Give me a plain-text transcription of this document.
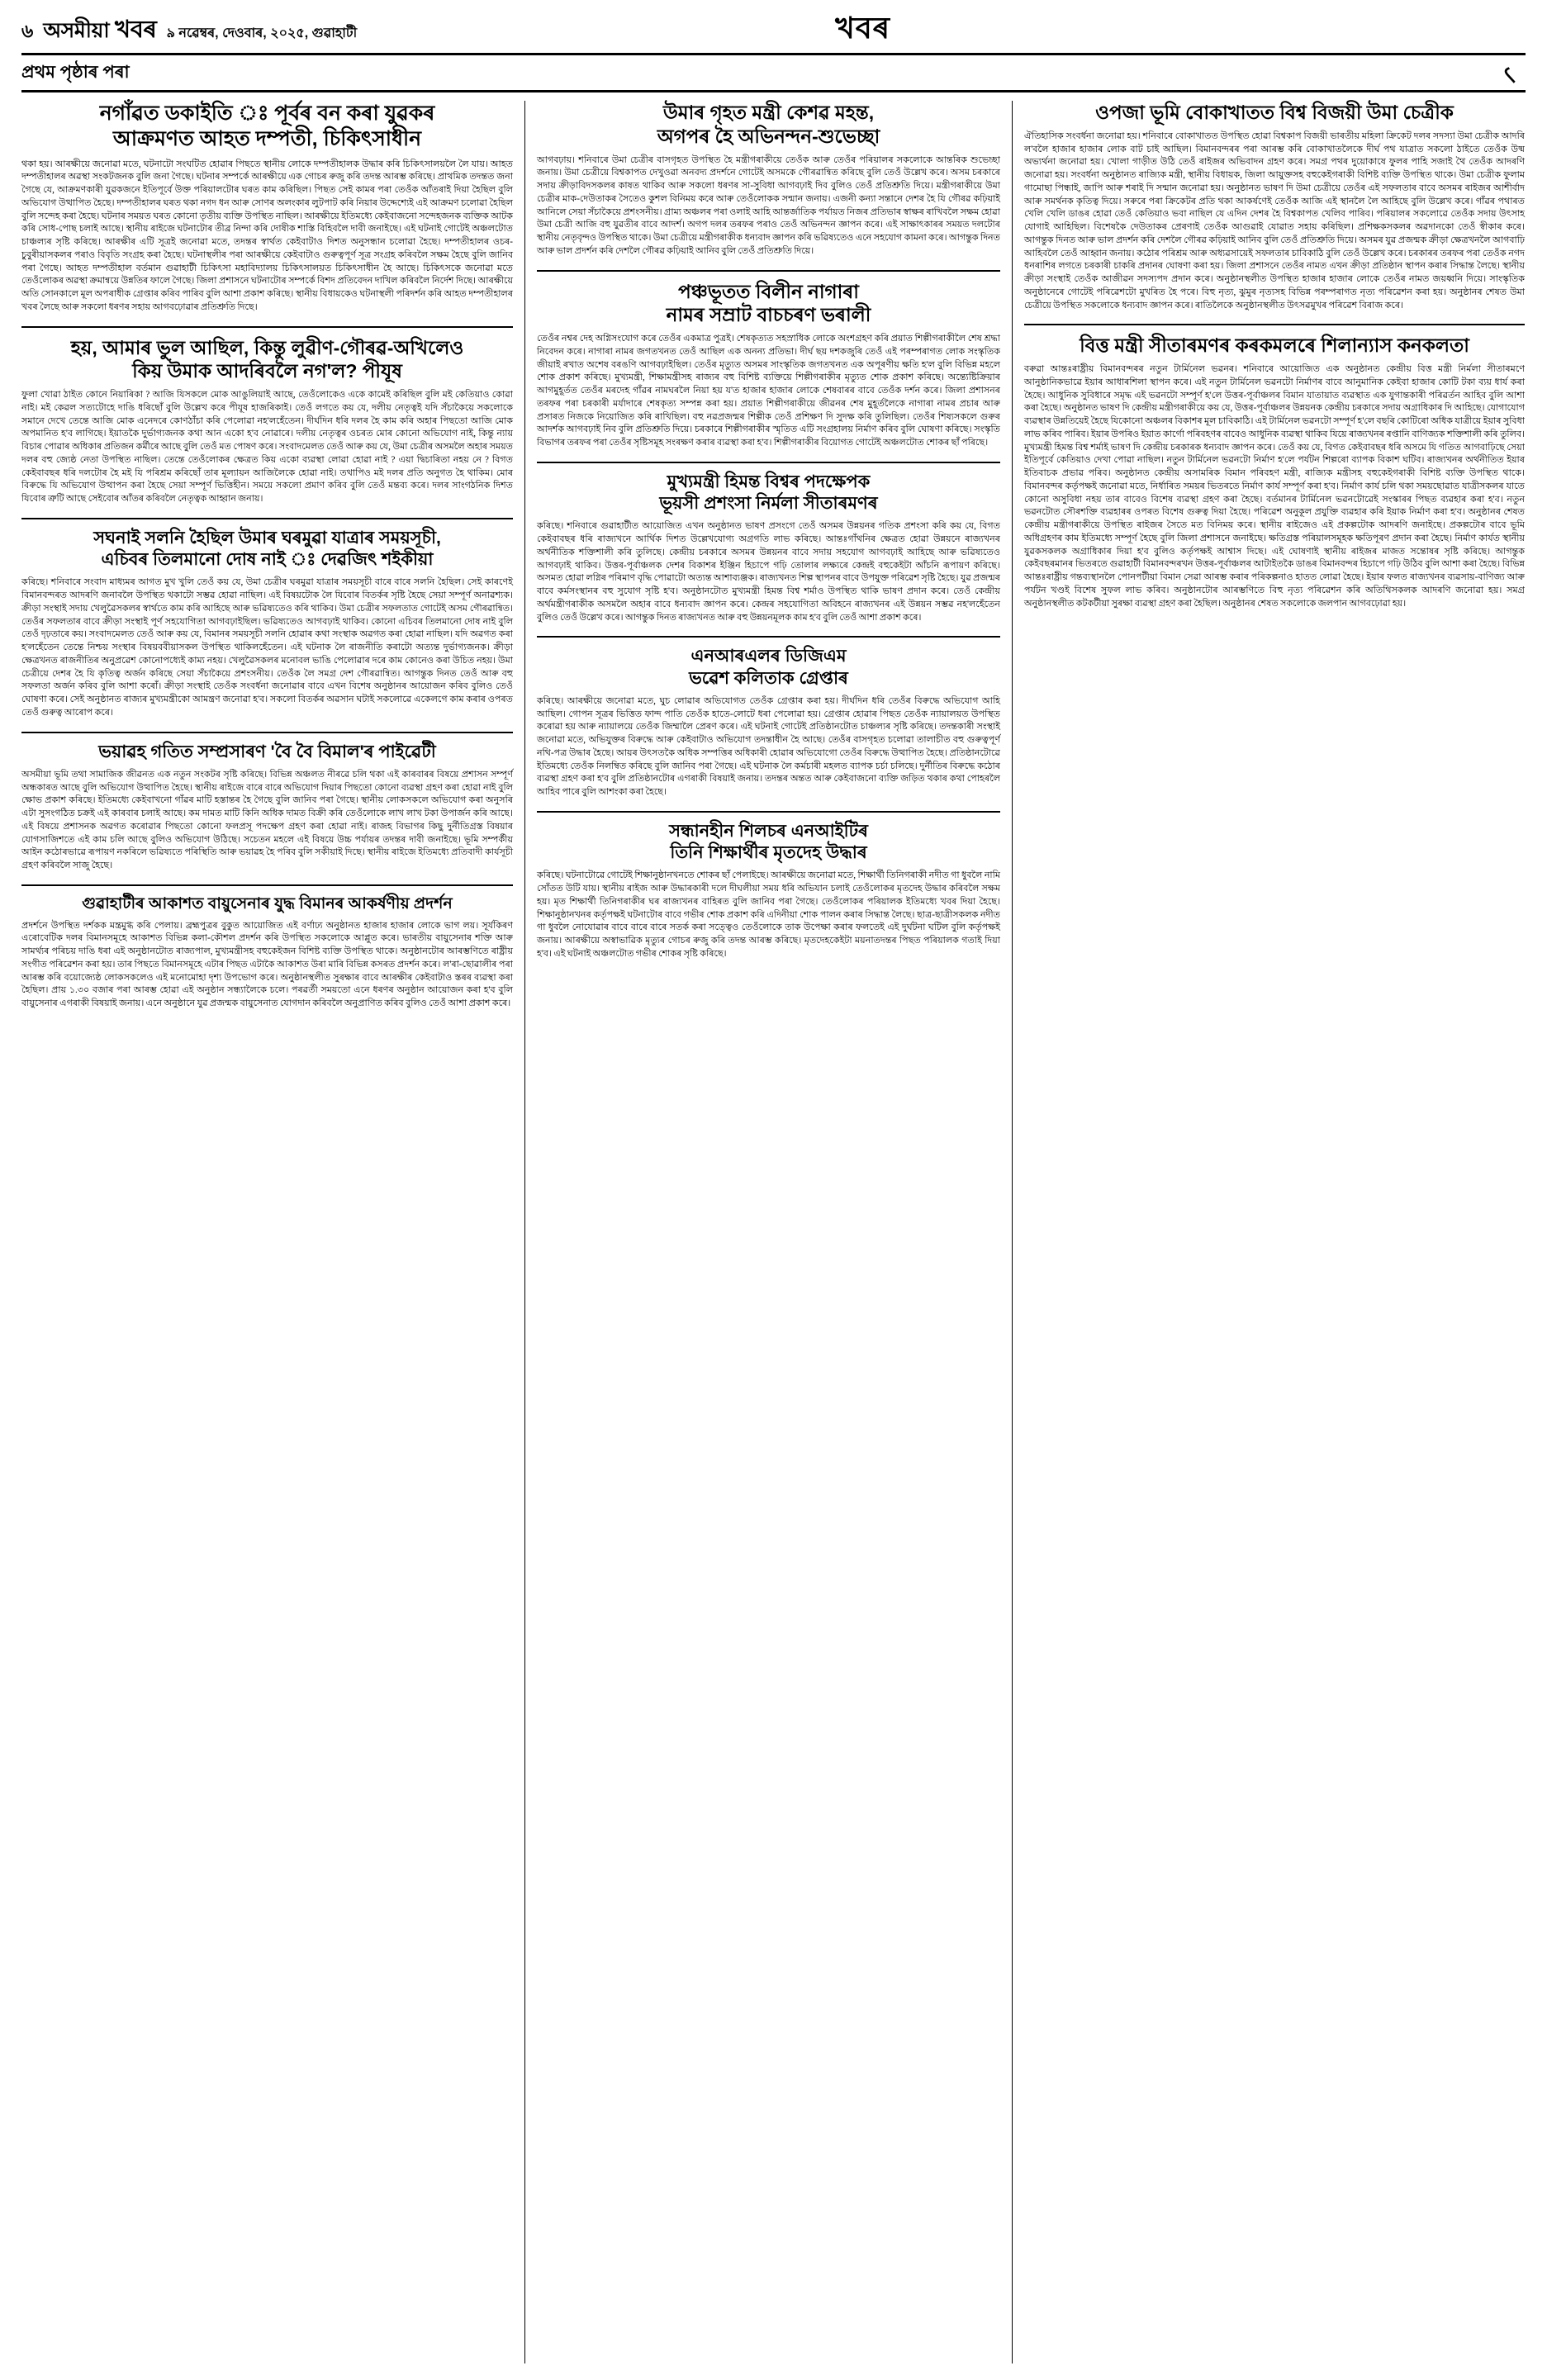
৬ অসমীয়া খবৰ ৯ নৱেম্বৰ, দেওবাৰ, ২০২৫, গুৱাহাটী	খবৰ
প্ৰথম পৃষ্ঠাৰ পৰা	৻
নগাঁৱত ডকাইতি ঃ পূৰ্বৰ বন কৰা যুৱকৰ
আক্ৰমণত আহত দম্পতী, চিকিৎসাধীন

থকা হয়। আৰক্ষীয়ে জনোৱা মতে, ঘটনাটো সংঘটিত হোৱাৰ পিছতে স্থানীয় লোকে দম্পতীহালক উদ্ধাৰ কৰি চিকিৎসালয়লৈ লৈ যায়। আহত দম্পতীহালৰ অৱস্থা সংকটজনক বুলি জনা গৈছে। ঘটনাৰ সম্পৰ্কে আৰক্ষীয়ে এক গোচৰ ৰুজু কৰি তদন্ত আৰম্ভ কৰিছে। প্ৰাথমিক তদন্তত জনা গৈছে যে, আক্ৰমণকাৰী যুৱকজনে ইতিপূৰ্বে উক্ত পৰিয়ালটোৰ ঘৰত কাম কৰিছিল। পিছত সেই কামৰ পৰা তেওঁক আঁতৰাই দিয়া হৈছিল বুলি অভিযোগ উত্থাপিত হৈছে। দম্পতীহালৰ ঘৰত থকা নগদ ধন আৰু সোণৰ অলংকাৰ লুটপাট কৰি নিয়াৰ উদ্দেশ্যেই এই আক্ৰমণ চলোৱা হৈছিল বুলি সন্দেহ কৰা হৈছে। ঘটনাৰ সময়ত ঘৰত কোনো তৃতীয় ব্যক্তি উপস্থিত নাছিল। আৰক্ষীয়ে ইতিমধ্যে কেইবাজনো সন্দেহজনক ব্যক্তিক আটক কৰি সোধ-পোছ চলাই আছে। স্থানীয় ৰাইজে ঘটনাটোৰ তীব্ৰ নিন্দা কৰি দোষীক শাস্তি বিহিবলৈ দাবী জনাইছে। এই ঘটনাই গোটেই অঞ্চলটোত চাঞ্চল্যৰ সৃষ্টি কৰিছে। আৰক্ষীৰ এটি সূত্ৰই জনোৱা মতে, তদন্তৰ স্বাৰ্থত কেইবাটাও দিশত অনুসন্ধান চলোৱা হৈছে। দম্পতীহালৰ ওচৰ-চুবুৰীয়াসকলৰ পৰাও বিবৃতি সংগ্ৰহ কৰা হৈছে। ঘটনাস্থলীৰ পৰা আৰক্ষীয়ে কেইবাটাও গুৰুত্বপূৰ্ণ সূত্ৰ সংগ্ৰহ কৰিবলৈ সক্ষম হৈছে বুলি জানিব পৰা গৈছে। আহত দম্পতীহাল বৰ্তমান গুৱাহাটী চিকিৎসা মহাবিদ্যালয় চিকিৎসালয়ত চিকিৎসাধীন হৈ আছে। চিকিৎসকে জনোৱা মতে তেওঁলোকৰ অৱস্থা ক্ৰমান্বয়ে উন্নতিৰ ফালে গৈছে। জিলা প্ৰশাসনে ঘটনাটোৰ সম্পৰ্কে বিশদ প্ৰতিবেদন দাখিল কৰিবলৈ নিৰ্দেশ দিছে। আৰক্ষীয়ে অতি সোনকালে মূল অপৰাধীক গ্ৰেপ্তাৰ কৰিব পাৰিব বুলি আশা প্ৰকাশ কৰিছে। স্থানীয় বিধায়কেও ঘটনাস্থলী পৰিদৰ্শন কৰি আহত দম্পতীহালৰ খবৰ লৈছে আৰু সকলো ধৰণৰ সহায় আগবঢ়োৱাৰ প্ৰতিশ্ৰুতি দিছে।

হয়, আমাৰ ভুল আছিল, কিন্তু লুৱীণ-গৌৰৱ-অখিলেও
কিয় উমাক আদৰিবলৈ নগ'ল? পীযূষ

ফুলা খোৱা ঠাইত কোনে নিয়াৰিকা ? আজি যিসকলে মোক আঙুলিয়াই আছে, তেওঁলোকেও একে কামেই কৰিছিল বুলি মই কেতিয়াও কোৱা নাই। মই কেৱল সত্যটোহে দাঙি ধৰিছোঁ বুলি উল্লেখ কৰে পীযূষ হাজৰিকাই। তেওঁ লগতে কয় যে, দলীয় নেতৃত্বই যদি সঁচাকৈয়ে সকলোকে সমানে দেখে তেন্তে আজি মোক এনেদৰে কোণঠাঁচা কৰি পেলোৱা নহ'লহেঁতেন। দীৰ্ঘদিন ধৰি দলৰ হৈ কাম কৰি অহাৰ পিছতো আজি মোক অপমানিত হ'ব লাগিছে। ইয়াতকৈ দুৰ্ভাগ্যজনক কথা আন একো হ'ব নোৱাৰে। দলীয় নেতৃত্বৰ ওচৰত মোৰ কোনো অভিযোগ নাই, কিন্তু ন্যায় বিচাৰ পোৱাৰ অধিকাৰ প্ৰতিজন কৰ্মীৰে আছে বুলি তেওঁ মত পোষণ কৰে। সংবাদমেলত তেওঁ আৰু কয় যে, উমা চেত্ৰীৰ অসমলৈ অহাৰ সময়ত দলৰ বহু জ্যেষ্ঠ নেতা উপস্থিত নাছিল। তেন্তে তেওঁলোকৰ ক্ষেত্ৰত কিয় একো ব্যৱস্থা লোৱা হোৱা নাই ? এয়া দ্বিচাৰিতা নহয় নে ? বিগত কেইবাবছৰ ধৰি দলটোৰ হৈ মই যি পৰিশ্ৰম কৰিছোঁ তাৰ মূল্যায়ন আজিলৈকে হোৱা নাই। তথাপিও মই দলৰ প্ৰতি অনুগত হৈ থাকিম। মোৰ বিৰুদ্ধে যি অভিযোগ উত্থাপন কৰা হৈছে সেয়া সম্পূৰ্ণ ভিত্তিহীন। সময়ে সকলো প্ৰমাণ কৰিব বুলি তেওঁ মন্তব্য কৰে। দলৰ সাংগঠনিক দিশত যিবোৰ ত্ৰুটি আছে সেইবোৰ আঁতৰ কৰিবলৈ নেতৃত্বক আহ্বান জনায়।

সঘনাই সলনি হৈছিল উমাৰ ঘৰমুৱা যাত্ৰাৰ সময়সূচী,
এচিবৰ তিলমানো দোষ নাই ঃ দেৱজিৎ শইকীয়া

কৰিছে। শনিবাৰে সংবাদ মাধ্যমৰ আগত মুখ খুলি তেওঁ কয় যে, উমা চেত্ৰীৰ ঘৰমুৱা যাত্ৰাৰ সময়সূচী বাৰে বাৰে সলনি হৈছিল। সেই কাৰণেই বিমানবন্দৰত আদৰণি জনাবলৈ উপস্থিত থকাটো সম্ভৱ হোৱা নাছিল। এই বিষয়টোক লৈ যিবোৰ বিতৰ্কৰ সৃষ্টি হৈছে সেয়া সম্পূৰ্ণ অনাৱশ্যক। ক্ৰীড়া সংস্থাই সদায় খেলুৱৈসকলৰ স্বাৰ্থতে কাম কৰি আহিছে আৰু ভৱিষ্যতেও কৰি থাকিব। উমা চেত্ৰীৰ সফলতাত গোটেই অসম গৌৰৱান্বিত। তেওঁৰ সফলতাৰ বাবে ক্ৰীড়া সংস্থাই পূৰ্ণ সহযোগিতা আগবঢ়াইছিল। ভৱিষ্যতেও আগবঢ়াই থাকিব। কোনো এচিবৰ তিলমানো দোষ নাই বুলি তেওঁ দৃঢ়তাৰে কয়। সংবাদমেলত তেওঁ আৰু কয় যে, বিমানৰ সময়সূচী সলনি হোৱাৰ কথা সংস্থাক অৱগত কৰা হোৱা নাছিল। যদি অৱগত কৰা হ'লহেঁতেন তেন্তে নিশ্চয় সংস্থাৰ বিষয়ববীয়াসকল উপস্থিত থাকিলহেঁতেন। এই ঘটনাক লৈ ৰাজনীতি কৰাটো অত্যন্ত দুৰ্ভাগ্যজনক। ক্ৰীড়া ক্ষেত্ৰখনত ৰাজনীতিৰ অনুপ্ৰৱেশ কোনোপধ্যেই কাম্য নহয়। খেলুৱৈসকলৰ মনোবল ভাঙি পেলোৱাৰ দৰে কাম কোনেও কৰা উচিত নহয়। উমা চেত্ৰীয়ে দেশৰ হৈ যি কৃতিত্ব অৰ্জন কৰিছে সেয়া সঁচাকৈয়ে প্ৰশংসনীয়। তেওঁক লৈ সমগ্ৰ দেশ গৌৰৱান্বিত। আগন্তুক দিনত তেওঁ আৰু বহু সফলতা অৰ্জন কৰিব বুলি আশা কৰোঁ। ক্ৰীড়া সংস্থাই তেওঁক সংবৰ্ধনা জনোৱাৰ বাবে এখন বিশেষ অনুষ্ঠানৰ আয়োজন কৰিব বুলিও তেওঁ ঘোষণা কৰে। সেই অনুষ্ঠানত ৰাজ্যৰ মুখ্যমন্ত্ৰীকো আমন্ত্ৰণ জনোৱা হ'ব। সকলো বিতৰ্কৰ অৱসান ঘটাই সকলোৱে একেলগে কাম কৰাৰ ওপৰত তেওঁ গুৰুত্ব আৰোপ কৰে।

ভয়াৱহ গতিত সম্প্ৰসাৰণ 'বৈ বৈ বিমাল'ৰ পাইৱেটী

অসমীয়া ভূমি তথা সামাজিক জীৱনত এক নতুন সংকটৰ সৃষ্টি কৰিছে। বিভিন্ন অঞ্চলত নীৰৱে চলি থকা এই কাৰবাৰৰ বিষয়ে প্ৰশাসন সম্পূৰ্ণ অন্ধকাৰত আছে বুলি অভিযোগ উত্থাপিত হৈছে। স্থানীয় ৰাইজে বাৰে বাৰে অভিযোগ দিয়াৰ পিছতো কোনো ব্যৱস্থা গ্ৰহণ কৰা হোৱা নাই বুলি ক্ষোভ প্ৰকাশ কৰিছে। ইতিমধ্যে কেইবাখনো গাঁৱৰ মাটি হস্তান্তৰ হৈ গৈছে বুলি জানিব পৰা গৈছে। স্থানীয় লোকসকলে অভিযোগ কৰা অনুসৰি এটা সুসংগঠিত চক্ৰই এই কাৰবাৰ চলাই আছে। কম দামত মাটি কিনি অধিক দামত বিক্ৰী কৰি তেওঁলোকে লাখ লাখ টকা উপাৰ্জন কৰি আছে। এই বিষয়ে প্ৰশাসনক অৱগত কৰোৱাৰ পিছতো কোনো ফলপ্ৰসূ পদক্ষেপ গ্ৰহণ কৰা হোৱা নাই। ৰাজহ বিভাগৰ কিছু দুৰ্নীতিগ্ৰস্ত বিষয়াৰ যোগসাজিশতে এই কাম চলি আছে বুলিও অভিযোগ উঠিছে। সচেতন মহলে এই বিষয়ে উচ্চ পৰ্যায়ৰ তদন্তৰ দাবী জনাইছে। ভূমি সম্পৰ্কীয় আইন কঠোৰভাৱে ৰূপায়ণ নকৰিলে ভৱিষ্যতে পৰিস্থিতি আৰু ভয়াৱহ হৈ পৰিব বুলি সকীয়াই দিছে। স্থানীয় ৰাইজে ইতিমধ্যে প্ৰতিবাদী কাৰ্যসূচী গ্ৰহণ কৰিবলৈ সাজু হৈছে।

গুৱাহাটীৰ আকাশত বায়ুসেনাৰ যুদ্ধ বিমানৰ আকৰ্ষণীয় প্ৰদৰ্শন

প্ৰদৰ্শনে উপস্থিত দৰ্শকক মন্ত্ৰমুগ্ধ কৰি পেলায়। ব্ৰহ্মপুত্ৰৰ বুকুত আয়োজিত এই বৰ্ণাঢ্য অনুষ্ঠানত হাজাৰ হাজাৰ লোকে ভাগ লয়। সূৰ্যকিৰণ এৰোবেটিক দলৰ বিমানসমূহে আকাশত বিভিন্ন কলা-কৌশল প্ৰদৰ্শন কৰি উপস্থিত সকলোকে আপ্লুত কৰে। ভাৰতীয় বায়ুসেনাৰ শক্তি আৰু সামৰ্থ্যৰ পৰিচয় দাঙি ধৰা এই অনুষ্ঠানটোত ৰাজ্যপাল, মুখ্যমন্ত্ৰীসহ বহুকেইজন বিশিষ্ট ব্যক্তি উপস্থিত থাকে। অনুষ্ঠানটোৰ আৰম্ভণিতে ৰাষ্ট্ৰীয় সংগীত পৰিৱেশন কৰা হয়। তাৰ পিছতে বিমানসমূহে এটাৰ পিছত এটাকৈ আকাশত উৰা মাৰি বিভিন্ন কসৰত প্ৰদৰ্শন কৰে। ল'ৰা-ছোৱালীৰ পৰা আৰম্ভ কৰি বয়োজ্যেষ্ঠ লোকসকলেও এই মনোমোহা দৃশ্য উপভোগ কৰে। অনুষ্ঠানস্থলীত সুৰক্ষাৰ বাবে আৰক্ষীৰ কেইবাটাও স্তৰৰ ব্যৱস্থা কৰা হৈছিল। প্ৰায় ১.৩০ বজাৰ পৰা আৰম্ভ হোৱা এই অনুষ্ঠান সন্ধ্যালৈকে চলে। পৰৱৰ্তী সময়তো এনে ধৰণৰ অনুষ্ঠান আয়োজন কৰা হ'ব বুলি বায়ুসেনাৰ এগৰাকী বিষয়াই জনায়। এনে অনুষ্ঠানে যুৱ প্ৰজন্মক বায়ুসেনাত যোগদান কৰিবলৈ অনুপ্ৰাণিত কৰিব বুলিও তেওঁ আশা প্ৰকাশ কৰে।

উমাৰ গৃহত মন্ত্ৰী কেশৱ মহন্ত,
অগপৰ হৈ অভিনন্দন-শুভেচ্ছা

আগবঢ়ায়। শনিবাৰে উমা চেত্ৰীৰ বাসগৃহত উপস্থিত হৈ মন্ত্ৰীগৰাকীয়ে তেওঁক আৰু তেওঁৰ পৰিয়ালৰ সকলোকে আন্তৰিক শুভেচ্ছা জনায়। উমা চেত্ৰীয়ে বিশ্বকাপত দেখুওৱা অনবদ্য প্ৰদৰ্শনে গোটেই অসমকে গৌৰৱান্বিত কৰিছে বুলি তেওঁ উল্লেখ কৰে। অসম চৰকাৰে সদায় ক্ৰীড়াবিদসকলৰ কাষত থাকিব আৰু সকলো ধৰণৰ সা-সুবিধা আগবঢ়াই দিব বুলিও তেওঁ প্ৰতিশ্ৰুতি দিয়ে। মন্ত্ৰীগৰাকীয়ে উমা চেত্ৰীৰ মাক-দেউতাকৰ সৈতেও কুশল বিনিময় কৰে আৰু তেওঁলোকক সন্মান জনায়। এজনী কন্যা সন্তানে দেশৰ হৈ যি গৌৰৱ কঢ়িয়াই আনিলে সেয়া সঁচাকৈয়ে প্ৰশংসনীয়। গ্ৰাম্য অঞ্চলৰ পৰা ওলাই আহি আন্তৰ্জাতিক পৰ্যায়ত নিজৰ প্ৰতিভাৰ স্বাক্ষৰ ৰাখিবলৈ সক্ষম হোৱা উমা চেত্ৰী আজি বহু যুৱতীৰ বাবে আদৰ্শ। অগপ দলৰ তৰফৰ পৰাও তেওঁ অভিনন্দন জ্ঞাপন কৰে। এই সাক্ষাৎকাৰৰ সময়ত দলটোৰ স্থানীয় নেতৃবৃন্দও উপস্থিত থাকে। উমা চেত্ৰীয়ে মন্ত্ৰীগৰাকীক ধন্যবাদ জ্ঞাপন কৰি ভৱিষ্যতেও এনে সহযোগ কামনা কৰে। আগন্তুক দিনত আৰু ভাল প্ৰদৰ্শন কৰি দেশলৈ গৌৰৱ কঢ়িয়াই আনিব বুলি তেওঁ প্ৰতিশ্ৰুতি দিয়ে।

পঞ্চভূতত বিলীন নাগাৰা
নামৰ সম্ৰাট বাচচৰণ ভৰালী

তেওঁৰ নশ্বৰ দেহ অগ্নিসংযোগ কৰে তেওঁৰ একমাত্ৰ পুত্ৰই। শেষকৃত্যত সহস্ৰাধিক লোকে অংশগ্ৰহণ কৰি প্ৰয়াত শিল্পীগৰাকীলৈ শেষ শ্ৰদ্ধা নিবেদন কৰে। নাগাৰা নামৰ জগতখনত তেওঁ আছিল এক অনন্য প্ৰতিভা। দীৰ্ঘ ছয় দশকজুৰি তেওঁ এই পৰম্পৰাগত লোক সংস্কৃতিক জীয়াই ৰখাত অশেষ বৰঙণি আগবঢ়াইছিল। তেওঁৰ মৃত্যুত অসমৰ সাংস্কৃতিক জগতখনত এক অপূৰণীয় ক্ষতি হ'ল বুলি বিভিন্ন মহলে শোক প্ৰকাশ কৰিছে। মুখ্যমন্ত্ৰী, শিক্ষামন্ত্ৰীসহ ৰাজ্যৰ বহু বিশিষ্ট ব্যক্তিয়ে শিল্পীগৰাকীৰ মৃত্যুত শোক প্ৰকাশ কৰিছে। অন্ত্যেষ্টিক্ৰিয়াৰ আগমুহূৰ্তত তেওঁৰ মৰদেহ গাঁৱৰ নামঘৰলৈ নিয়া হয় য'ত হাজাৰ হাজাৰ লোকে শেষবাৰৰ বাবে তেওঁক দৰ্শন কৰে। জিলা প্ৰশাসনৰ তৰফৰ পৰা চৰকাৰী মৰ্যাদাৰে শেষকৃত্য সম্পন্ন কৰা হয়। প্ৰয়াত শিল্পীগৰাকীয়ে জীৱনৰ শেষ মুহূৰ্তলৈকে নাগাৰা নামৰ প্ৰচাৰ আৰু প্ৰসাৰত নিজকে নিয়োজিত কৰি ৰাখিছিল। বহু নৱপ্ৰজন্মৰ শিল্পীক তেওঁ প্ৰশিক্ষণ দি সুদক্ষ কৰি তুলিছিল। তেওঁৰ শিষ্যসকলে গুৰুৰ আদৰ্শক আগবঢ়াই নিব বুলি প্ৰতিশ্ৰুতি দিয়ে। চৰকাৰে শিল্পীগৰাকীৰ স্মৃতিত এটি সংগ্ৰহালয় নিৰ্মাণ কৰিব বুলি ঘোষণা কৰিছে। সংস্কৃতি বিভাগৰ তৰফৰ পৰা তেওঁৰ সৃষ্টিসমূহ সংৰক্ষণ কৰাৰ ব্যৱস্থা কৰা হ'ব। শিল্পীগৰাকীৰ বিয়োগত গোটেই অঞ্চলটোত শোকৰ ছাঁ পৰিছে।

মুখ্যমন্ত্ৰী হিমন্ত বিশ্বৰ পদক্ষেপক
ভূয়সী প্ৰশংসা নিৰ্মলা সীতাৰমণৰ

কৰিছে। শনিবাৰে গুৱাহাটীত আয়োজিত এখন অনুষ্ঠানত ভাষণ প্ৰসংগে তেওঁ অসমৰ উন্নয়নৰ গতিক প্ৰশংসা কৰি কয় যে, বিগত কেইবাবছৰ ধৰি ৰাজ্যখনে আৰ্থিক দিশত উল্লেখযোগ্য অগ্ৰগতি লাভ কৰিছে। আন্তঃগাঁথনিৰ ক্ষেত্ৰত হোৱা উন্নয়নে ৰাজ্যখনৰ অৰ্থনীতিক শক্তিশালী কৰি তুলিছে। কেন্দ্ৰীয় চৰকাৰে অসমৰ উন্নয়নৰ বাবে সদায় সহযোগ আগবঢ়াই আহিছে আৰু ভৱিষ্যতেও আগবঢ়াই থাকিব। উত্তৰ-পূৰ্বাঞ্চলক দেশৰ বিকাশৰ ইঞ্জিন হিচাপে গঢ়ি তোলাৰ লক্ষ্যৰে কেন্দ্ৰই বহুকেইটা আঁচনি ৰূপায়ণ কৰিছে। অসমত হোৱা লগ্নিৰ পৰিমাণ বৃদ্ধি পোৱাটো অত্যন্ত আশাব্যঞ্জক। ৰাজ্যখনত শিল্প স্থাপনৰ বাবে উপযুক্ত পৰিৱেশ সৃষ্টি হৈছে। যুৱ প্ৰজন্মৰ বাবে কৰ্মসংস্থানৰ বহু সুযোগ সৃষ্টি হ'ব। অনুষ্ঠানটোত মুখ্যমন্ত্ৰী হিমন্ত বিশ্ব শৰ্মাও উপস্থিত থাকি ভাষণ প্ৰদান কৰে। তেওঁ কেন্দ্ৰীয় অৰ্থমন্ত্ৰীগৰাকীক অসমলৈ অহাৰ বাবে ধন্যবাদ জ্ঞাপন কৰে। কেন্দ্ৰৰ সহযোগিতা অবিহনে ৰাজ্যখনৰ এই উন্নয়ন সম্ভৱ নহ'লহেঁতেন বুলিও তেওঁ উল্লেখ কৰে। আগন্তুক দিনত ৰাজ্যখনত আৰু বহু উন্নয়নমূলক কাম হ'ব বুলি তেওঁ আশা প্ৰকাশ কৰে।

এনআৰএলৰ ডিজিএম
ভৱেশ কলিতাক গ্ৰেপ্তাৰ

কৰিছে। আৰক্ষীয়ে জনোৱা মতে, ঘুচ লোৱাৰ অভিযোগত তেওঁক গ্ৰেপ্তাৰ কৰা হয়। দীৰ্ঘদিন ধৰি তেওঁৰ বিৰুদ্ধে অভিযোগ আহি আছিল। গোপন সূত্ৰৰ ভিত্তিত ফান্দ পাতি তেওঁক হাতে-লোটে ধৰা পেলোৱা হয়। গ্ৰেপ্তাৰ হোৱাৰ পিছত তেওঁক ন্যায়ালয়ত উপস্থিত কৰোৱা হয় আৰু ন্যায়ালয়ে তেওঁক জিম্মালৈ প্ৰেৰণ কৰে। এই ঘটনাই গোটেই প্ৰতিষ্ঠানটোত চাঞ্চল্যৰ সৃষ্টি কৰিছে। তদন্তকাৰী সংস্থাই জনোৱা মতে, অভিযুক্তৰ বিৰুদ্ধে আৰু কেইবাটাও অভিযোগ তদন্তাধীন হৈ আছে। তেওঁৰ বাসগৃহত চলোৱা তালাচীত বহু গুৰুত্বপূৰ্ণ নথি-পত্ৰ উদ্ধাৰ হৈছে। আয়ৰ উৎসতকৈ অধিক সম্পত্তিৰ অধিকাৰী হোৱাৰ অভিযোগো তেওঁৰ বিৰুদ্ধে উত্থাপিত হৈছে। প্ৰতিষ্ঠানটোৱে ইতিমধ্যে তেওঁক নিলম্বিত কৰিছে বুলি জানিব পৰা গৈছে। এই ঘটনাক লৈ কৰ্মচাৰী মহলত ব্যাপক চৰ্চা চলিছে। দুৰ্নীতিৰ বিৰুদ্ধে কঠোৰ ব্যৱস্থা গ্ৰহণ কৰা হ'ব বুলি প্ৰতিষ্ঠানটোৰ এগৰাকী বিষয়াই জনায়। তদন্তৰ অন্তত আৰু কেইবাজনো ব্যক্তি জড়িত থকাৰ কথা পোহৰলৈ আহিব পাৰে বুলি আশংকা কৰা হৈছে।

সন্ধানহীন শিলচৰ এনআইটিৰ
তিনি শিক্ষাৰ্থীৰ মৃতদেহ উদ্ধাৰ

কৰিছে। ঘটনাটোৱে গোটেই শিক্ষানুষ্ঠানখনতে শোকৰ ছাঁ পেলাইছে। আৰক্ষীয়ে জনোৱা মতে, শিক্ষাৰ্থী তিনিগৰাকী নদীত গা ধুবলৈ নামি সোঁতত উটি যায়। স্থানীয় ৰাইজ আৰু উদ্ধাৰকাৰী দলে দীঘলীয়া সময় ধৰি অভিযান চলাই তেওঁলোকৰ মৃতদেহ উদ্ধাৰ কৰিবলৈ সক্ষম হয়। মৃত শিক্ষাৰ্থী তিনিগৰাকীৰ ঘৰ ৰাজ্যখনৰ বাহিৰত বুলি জানিব পৰা গৈছে। তেওঁলোকৰ পৰিয়ালক ইতিমধ্যে খবৰ দিয়া হৈছে। শিক্ষানুষ্ঠানখনৰ কৰ্তৃপক্ষই ঘটনাটোৰ বাবে গভীৰ শোক প্ৰকাশ কৰি এদিনীয়া শোক পালন কৰাৰ সিদ্ধান্ত লৈছে। ছাত্ৰ-ছাত্ৰীসকলক নদীত গা ধুবলৈ নোযোৱাৰ বাবে বাৰে বাৰে সতৰ্ক কৰা সত্ত্বেও তেওঁলোকে তাক উপেক্ষা কৰাৰ ফলতেই এই দুৰ্ঘটনা ঘটিল বুলি কৰ্তৃপক্ষই জনায়। আৰক্ষীয়ে অস্বাভাৱিক মৃত্যুৰ গোচৰ ৰুজু কৰি তদন্ত আৰম্ভ কৰিছে। মৃতদেহকেইটা ময়নাতদন্তৰ পিছত পৰিয়ালক গতাই দিয়া হ'ব। এই ঘটনাই অঞ্চলটোত গভীৰ শোকৰ সৃষ্টি কৰিছে।

ওপজা ভূমি বোকাখাতত বিশ্ব বিজয়ী উমা চেত্ৰীক

ঐতিহাসিক সংবৰ্ধনা জনোৱা হয়। শনিবাৰে বোকাখাতত উপস্থিত হোৱা বিশ্বকাপ বিজয়ী ভাৰতীয় মহিলা ক্ৰিকেট দলৰ সদস্যা উমা চেত্ৰীক আদৰি ল'বলৈ হাজাৰ হাজাৰ লোক বাট চাই আছিল। বিমানবন্দৰৰ পৰা আৰম্ভ কৰি বোকাখাতলৈকে দীৰ্ঘ পথ যাত্ৰাত সকলো ঠাইতে তেওঁক উষ্ম অভ্যৰ্থনা জনোৱা হয়। খোলা গাড়ীত উঠি তেওঁ ৰাইজৰ অভিবাদন গ্ৰহণ কৰে। সমগ্ৰ পথৰ দুয়োকাষে ফুলৰ পাহি সজাই থৈ তেওঁক আদৰণি জনোৱা হয়। সংবৰ্ধনা অনুষ্ঠানত ৰাজ্যিক মন্ত্ৰী, স্থানীয় বিধায়ক, জিলা আয়ুক্তসহ বহুকেইগৰাকী বিশিষ্ট ব্যক্তি উপস্থিত থাকে। উমা চেত্ৰীক ফুলাম গামোছা পিন্ধাই, জাপি আৰু শৰাই দি সন্মান জনোৱা হয়। অনুষ্ঠানত ভাষণ দি উমা চেত্ৰীয়ে তেওঁৰ এই সফলতাৰ বাবে অসমৰ ৰাইজৰ আশীৰ্বাদ আৰু সমৰ্থনক কৃতিত্ব দিয়ে। সৰুৰে পৰা ক্ৰিকেটৰ প্ৰতি থকা আকৰ্ষণেই তেওঁক আজি এই স্থানলৈ লৈ আহিছে বুলি উল্লেখ কৰে। গাঁৱৰ পথাৰত খেলি খেলি ডাঙৰ হোৱা তেওঁ কেতিয়াও ভবা নাছিল যে এদিন দেশৰ হৈ বিশ্বকাপত খেলিব পাৰিব। পৰিয়ালৰ সকলোৱে তেওঁক সদায় উৎসাহ যোগাই আহিছিল। বিশেষকৈ দেউতাকৰ প্ৰেৰণাই তেওঁক আগুৱাই যোৱাত সহায় কৰিছিল। প্ৰশিক্ষকসকলৰ অৱদানকো তেওঁ স্বীকাৰ কৰে। আগন্তুক দিনত আৰু ভাল প্ৰদৰ্শন কৰি দেশলৈ গৌৰৱ কঢ়িয়াই আনিব বুলি তেওঁ প্ৰতিশ্ৰুতি দিয়ে। অসমৰ যুৱ প্ৰজন্মক ক্ৰীড়া ক্ষেত্ৰখনলৈ আগবাঢ়ি আহিবলৈ তেওঁ আহ্বান জনায়। কঠোৰ পৰিশ্ৰম আৰু অধ্যৱসায়েই সফলতাৰ চাবিকাঠি বুলি তেওঁ উল্লেখ কৰে। চৰকাৰৰ তৰফৰ পৰা তেওঁক নগদ ধনৰাশিৰ লগতে চৰকাৰী চাকৰি প্ৰদানৰ ঘোষণা কৰা হয়। জিলা প্ৰশাসনে তেওঁৰ নামত এখন ক্ৰীড়া প্ৰতিষ্ঠান স্থাপন কৰাৰ সিদ্ধান্ত লৈছে। স্থানীয় ক্ৰীড়া সংস্থাই তেওঁক আজীৱন সদস্যপদ প্ৰদান কৰে। অনুষ্ঠানস্থলীত উপস্থিত হাজাৰ হাজাৰ লোকে তেওঁৰ নামত জয়ধ্বনি দিয়ে। সাংস্কৃতিক অনুষ্ঠানেৰে গোটেই পৰিৱেশটো মুখৰিত হৈ পৰে। বিহু নৃত্য, ঝুমুৰ নৃত্যসহ বিভিন্ন পৰম্পৰাগত নৃত্য পৰিৱেশন কৰা হয়। অনুষ্ঠানৰ শেষত উমা চেত্ৰীয়ে উপস্থিত সকলোকে ধন্যবাদ জ্ঞাপন কৰে। ৰাতিলৈকে অনুষ্ঠানস্থলীত উৎসৱমুখৰ পৰিৱেশ বিৰাজ কৰে।

বিত্ত মন্ত্ৰী সীতাৰমণৰ কৰকমলৰে শিলান্যাস কনকলতা

বৰুৱা আন্তঃৰাষ্ট্ৰীয় বিমানবন্দৰৰ নতুন টাৰ্মিনেল ভৱনৰ। শনিবাৰে আয়োজিত এক অনুষ্ঠানত কেন্দ্ৰীয় বিত্ত মন্ত্ৰী নিৰ্মলা সীতাৰমণে আনুষ্ঠানিকভাৱে ইয়াৰ আধাৰশিলা স্থাপন কৰে। এই নতুন টাৰ্মিনেল ভৱনটো নিৰ্মাণৰ বাবে আনুমানিক কেইবা হাজাৰ কোটি টকা ব্যয় ধাৰ্য কৰা হৈছে। আধুনিক সুবিধাৰে সমৃদ্ধ এই ভৱনটো সম্পূৰ্ণ হ'লে উত্তৰ-পূৰ্বাঞ্চলৰ বিমান যাতায়াত ব্যৱস্থাত এক যুগান্তকাৰী পৰিৱৰ্তন আহিব বুলি আশা কৰা হৈছে। অনুষ্ঠানত ভাষণ দি কেন্দ্ৰীয় মন্ত্ৰীগৰাকীয়ে কয় যে, উত্তৰ-পূৰ্বাঞ্চলৰ উন্নয়নক কেন্দ্ৰীয় চৰকাৰে সদায় অগ্ৰাধিকাৰ দি আহিছে। যোগাযোগ ব্যৱস্থাৰ উন্নতিয়েই হৈছে যিকোনো অঞ্চলৰ বিকাশৰ মূল চাবিকাঠি। এই টাৰ্মিনেল ভৱনটো সম্পূৰ্ণ হ'লে বছৰি কোটিৰো অধিক যাত্ৰীয়ে ইয়াৰ সুবিধা লাভ কৰিব পাৰিব। ইয়াৰ উপৰিও ইয়াত কাৰ্গো পৰিবহণৰ বাবেও আধুনিক ব্যৱস্থা থাকিব যিয়ে ৰাজ্যখনৰ ৰপ্তানি বাণিজ্যক শক্তিশালী কৰি তুলিব। মুখ্যমন্ত্ৰী হিমন্ত বিশ্ব শৰ্মাই ভাষণ দি কেন্দ্ৰীয় চৰকাৰক ধন্যবাদ জ্ঞাপন কৰে। তেওঁ কয় যে, বিগত কেইবাবছৰ ধৰি অসমে যি গতিত আগবাঢ়িছে সেয়া ইতিপূৰ্বে কেতিয়াও দেখা পোৱা নাছিল। নতুন টাৰ্মিনেল ভৱনটো নিৰ্মাণ হ'লে পৰ্যটন শিল্পৰো ব্যাপক বিকাশ ঘটিব। ৰাজ্যখনৰ অৰ্থনীতিত ইয়াৰ ইতিবাচক প্ৰভাৱ পৰিব। অনুষ্ঠানত কেন্দ্ৰীয় অসামৰিক বিমান পৰিবহণ মন্ত্ৰী, ৰাজ্যিক মন্ত্ৰীসহ বহুকেইগৰাকী বিশিষ্ট ব্যক্তি উপস্থিত থাকে। বিমানবন্দৰ কৰ্তৃপক্ষই জনোৱা মতে, নিৰ্ধাৰিত সময়ৰ ভিতৰতে নিৰ্মাণ কাৰ্য সম্পূৰ্ণ কৰা হ'ব। নিৰ্মাণ কাৰ্য চলি থকা সময়ছোৱাত যাত্ৰীসকলৰ যাতে কোনো অসুবিধা নহয় তাৰ বাবেও বিশেষ ব্যৱস্থা গ্ৰহণ কৰা হৈছে। বৰ্তমানৰ টাৰ্মিনেল ভৱনটোৱেই সংস্কাৰৰ পিছত ব্যৱহাৰ কৰা হ'ব। নতুন ভৱনটোত সৌৰশক্তি ব্যৱহাৰৰ ওপৰত বিশেষ গুৰুত্ব দিয়া হৈছে। পৰিৱেশ অনুকূল প্ৰযুক্তি ব্যৱহাৰ কৰি ইয়াক নিৰ্মাণ কৰা হ'ব। অনুষ্ঠানৰ শেষত কেন্দ্ৰীয় মন্ত্ৰীগৰাকীয়ে উপস্থিত ৰাইজৰ সৈতে মত বিনিময় কৰে। স্থানীয় ৰাইজেও এই প্ৰকল্পটোক আদৰণি জনাইছে। প্ৰকল্পটোৰ বাবে ভূমি অধিগ্ৰহণৰ কাম ইতিমধ্যে সম্পূৰ্ণ হৈছে বুলি জিলা প্ৰশাসনে জনাইছে। ক্ষতিগ্ৰস্ত পৰিয়ালসমূহক ক্ষতিপূৰণ প্ৰদান কৰা হৈছে। নিৰ্মাণ কাৰ্যত স্থানীয় যুৱকসকলক অগ্ৰাধিকাৰ দিয়া হ'ব বুলিও কৰ্তৃপক্ষই আশ্বাস দিছে। এই ঘোষণাই স্থানীয় ৰাইজৰ মাজত সন্তোষৰ সৃষ্টি কৰিছে। আগন্তুক কেইবছৰমানৰ ভিতৰতে গুৱাহাটী বিমানবন্দৰখন উত্তৰ-পূৰ্বাঞ্চলৰ আটাইতকৈ ডাঙৰ বিমানবন্দৰ হিচাপে গঢ়ি উঠিব বুলি আশা কৰা হৈছে। বিভিন্ন আন্তঃৰাষ্ট্ৰীয় গন্তব্যস্থানলৈ পোনপটীয়া বিমান সেৱা আৰম্ভ কৰাৰ পৰিকল্পনাও হাতত লোৱা হৈছে। ইয়াৰ ফলত ৰাজ্যখনৰ ব্যৱসায়-বাণিজ্য আৰু পৰ্যটন খণ্ডই বিশেষ সুফল লাভ কৰিব। অনুষ্ঠানটোৰ আৰম্ভণিতে বিহু নৃত্য পৰিৱেশন কৰি অতিথিসকলক আদৰণি জনোৱা হয়। সমগ্ৰ অনুষ্ঠানস্থলীত কটকটীয়া সুৰক্ষা ব্যৱস্থা গ্ৰহণ কৰা হৈছিল। অনুষ্ঠানৰ শেষত সকলোকে জলপান আগবঢ়োৱা হয়।
